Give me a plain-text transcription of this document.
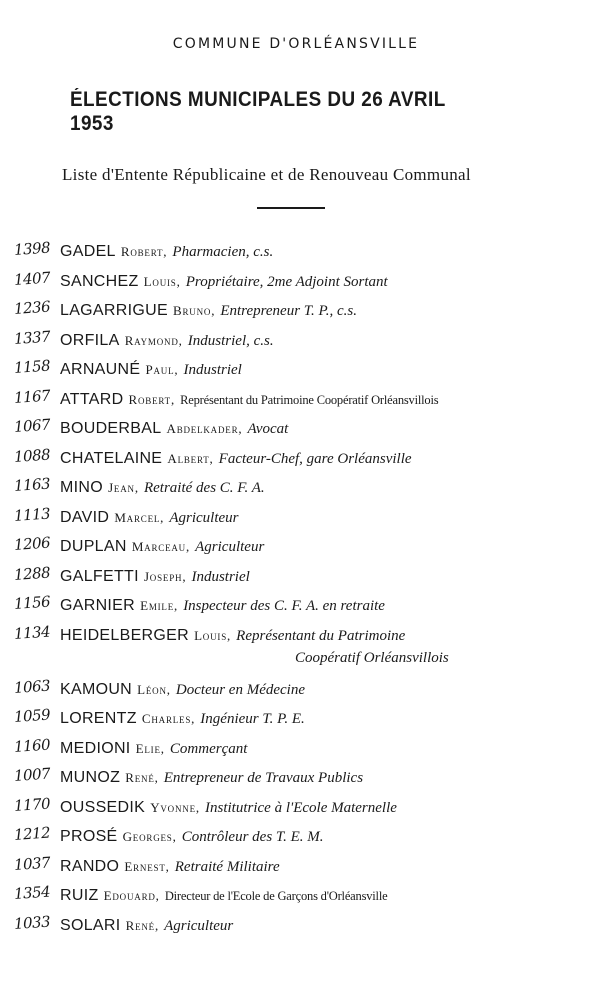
COMMUNE D'ORLÉANSVILLE
ÉLECTIONS MUNICIPALES DU 26 AVRIL 1953
Liste d'Entente Républicaine et de Renouveau Communal
1398 GADEL Robert, Pharmacien, c.s.
1407 SANCHEZ Louis, Propriétaire, 2me Adjoint Sortant
1236 LAGARRIGUE Bruno, Entrepreneur T. P., c.s.
1337 ORFILA Raymond, Industriel, c.s.
1158 ARNAUNÉ Paul, Industriel
1167 ATTARD Robert, Représentant du Patrimoine Coopératif Orléansvillois
1067 BOUDERBAL Abdelkader, Avocat
1088 CHATELAINE Albert, Facteur-Chef, gare Orléansville
1163 MINO Jean, Retraité des C. F. A.
1113 DAVID Marcel, Agriculteur
1206 DUPLAN Marceau, Agriculteur
1288 GALFETTI Joseph, Industriel
1156 GARNIER Emile, Inspecteur des C. F. A. en retraite
1134 HEIDELBERGER Louis, Représentant du Patrimoine
Coopératif Orléansvillois
1063 KAMOUN Léon, Docteur en Médecine
1059 LORENTZ Charles, Ingénieur T. P. E.
1160 MEDIONI Elie, Commerçant
1007 MUNOZ René, Entrepreneur de Travaux Publics
1170 OUSSEDIK Yvonne, Institutrice à l'Ecole Maternelle
1212 PROSÉ Georges, Contrôleur des T. E. M.
1037 RANDO Ernest, Retraité Militaire
1354 RUIZ Edouard, Directeur de l'Ecole de Garçons d'Orléansville
1033 SOLARI René, Agriculteur
